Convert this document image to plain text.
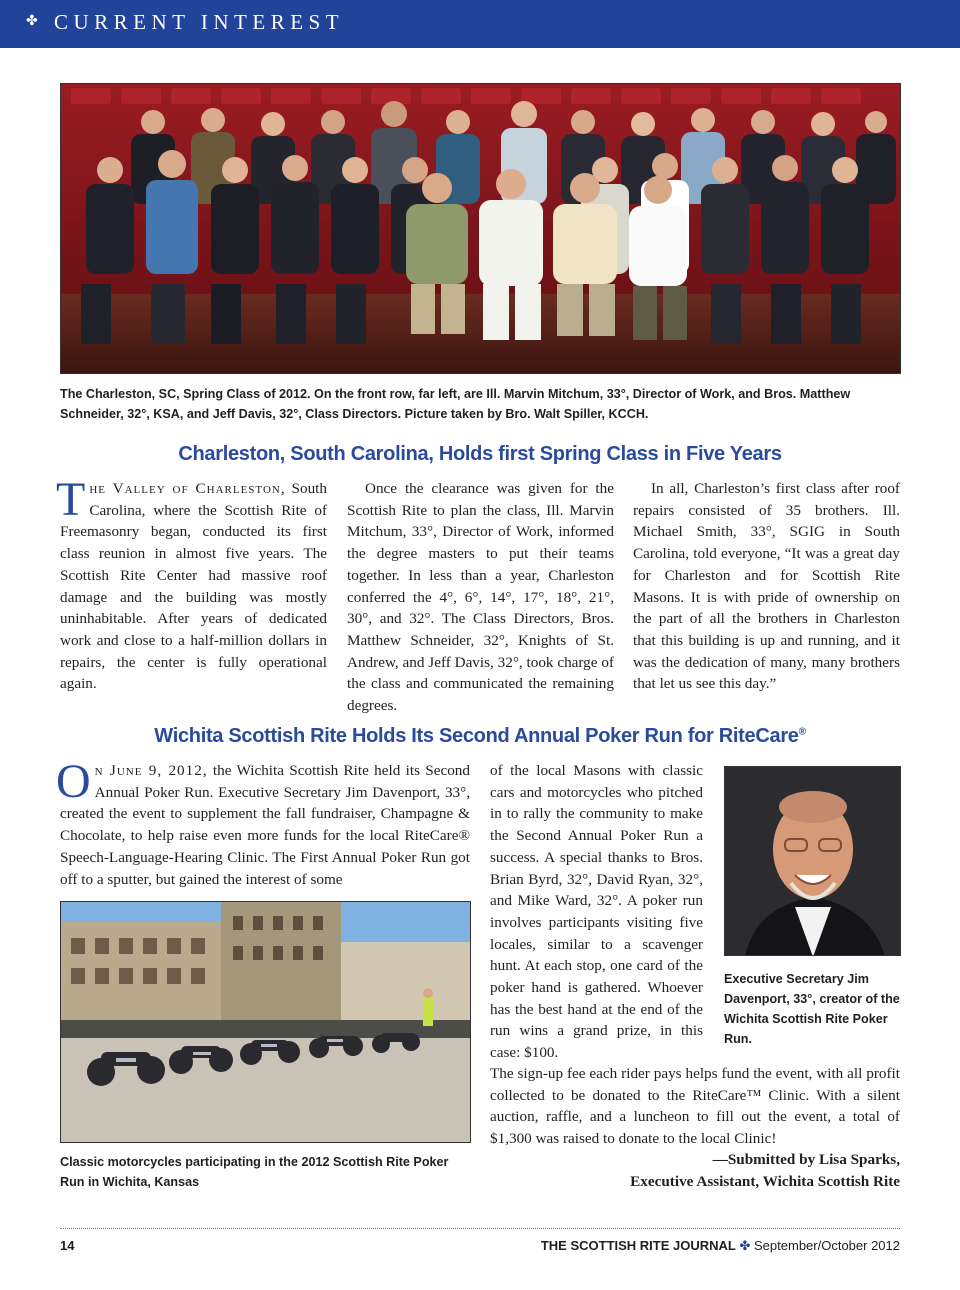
✤ CURRENT INTEREST
The Charleston, SC, Spring Class of 2012. On the front row, far left, are Ill. Marvin Mitchum, 33°, Director of Work, and Bros. Matthew Schneider, 32°, KSA, and Jeff Davis, 32°, Class Directors. Picture taken by Bro. Walt Spiller, KCCH.
Charleston, South Carolina, Holds first Spring Class in Five Years

The Valley of Charleston, South Carolina, where the Scottish Rite of Freemasonry began, conducted its first class reunion in almost five years. The Scottish Rite Center had massive roof damage and the building was mostly uninhabitable. After years of dedicated work and close to a half-million dollars in repairs, the center is fully operational again.

Once the clearance was given for the Scottish Rite to plan the class, Ill. Marvin Mitchum, 33°, Director of Work, informed the degree masters to put their teams together. In less than a year, Charleston conferred the 4°, 6°, 14°, 17°, 18°, 21°, 30°, and 32°. The Class Directors, Bros. Matthew Schneider, 32°, Knights of St. Andrew, and Jeff Davis, 32°, took charge of the class and communicated the remaining degrees.

In all, Charleston’s first class after roof repairs consisted of 35 brothers. Ill. Michael Smith, 33°, SGIG in South Carolina, told everyone, “It was a great day for Charleston and for Scottish Rite Masons. It is with pride of ownership on the part of all the brothers in Charleston that this building is up and running, and it was the dedication of many, many brothers that let us see this day.”

Wichita Scottish Rite Holds Its Second Annual Poker Run for RiteCare®

On June 9, 2012, the Wichita Scottish Rite held its Second Annual Poker Run. Executive Secretary Jim Davenport, 33°, created the event to supplement the fall fundraiser, Champagne & Chocolate, to help raise even more funds for the local RiteCare® Speech-Language-Hearing Clinic. The First Annual Poker Run got off to a sputter, but gained the interest of some

Classic motorcycles participating in the 2012 Scottish Rite Poker Run in Wichita, Kansas

of the local Masons with classic cars and motorcycles who pitched in to rally the community to make the Second Annual Poker Run a success. A special thanks to Bros. Brian Byrd, 32°, David Ryan, 32°, and Mike Ward, 32°. A poker run involves participants visiting five locales, similar to a scavenger hunt. At each stop, one card of the poker hand is gathered. Whoever has the best hand at the end of the run wins a grand prize, in this case: $100.

Executive Secretary Jim Davenport, 33°, creator of the Wichita Scottish Rite Poker Run.

The sign-up fee each rider pays helps fund the event, with all profit collected to be donated to the RiteCare™ Clinic. With a silent auction, raffle, and a luncheon to fill out the event, a total of $1,300 was raised to donate to the local Clinic!

—Submitted by Lisa Sparks,
Executive Assistant, Wichita Scottish Rite
14	THE SCOTTISH RITE JOURNAL ✤ September/October 2012
